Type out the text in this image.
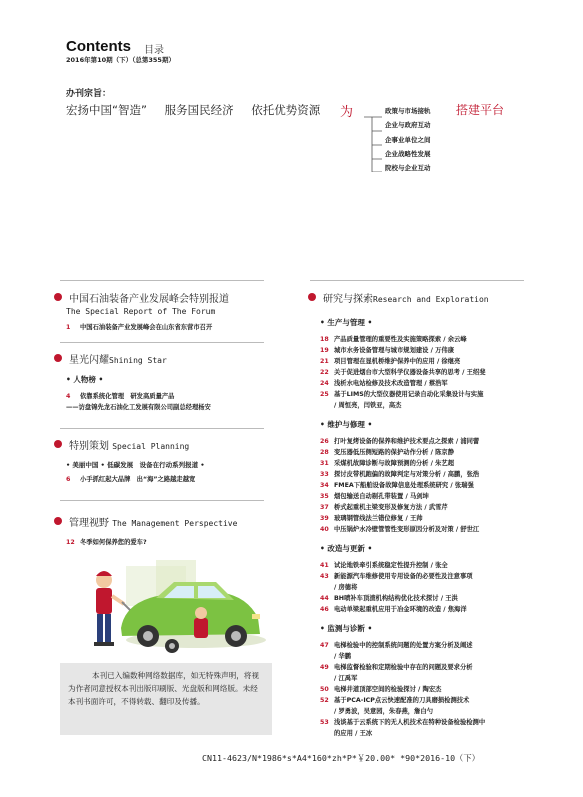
Contents 目录
2016年第10期（下）（总第355期）
办刊宗旨：
宏扬中国“智造” 服务国民经济 依托优势资源	为	政策与市场接轨
企业与政府互动
企事业单位之间
企业战略性发展
院校与企业互动
搭建平台
中国石油装备产业发展峰会特别报道
The Special Report of The Forum
1	中国石油装备产业发展峰会在山东省东营市召开
星光闪耀 Shining Star
• 人物榜 •
4	依靠系统化管理　研发高质量产品
——访盘锦先龙石油化工发展有限公司副总经理杨安
特别策划
Special Planning
• 美丽中国 • 低碳发展　设备在行动系列报道 •
6	小手抓红起大品牌　出“海”之路越走越宽
管理视野
The Management Perspective
12 冬季如何保养您的爱车?
研究与探索 Research and Exploration
• 生产与管理 •
18 产品质量管理的重要性及实施策略探索 / 余云峰
19 城市水务设备管理与城市规划建设 / 万伟康
21 项目管理在显机桥维护保养中的应用 / 徐继亮
22 关于促进烟台市大型科学仪器设备共享的思考 / 王绍斐
24 浅析水电站检修及技术改造管理 / 蔡浩军
25 基于LIMS的大型仪器使用记录自动化采集设计与实施
/ 周恒亮，闫铁亚，高杰
• 维护与修理 •
26 打叶复烤设备的保养和维护技术要点之探索 / 浦同蕾
28 变压器低压侧短路的保护动作分析 / 陈京静
31 采煤机故障诊断与故障预测的分析 / 朱艺超
33 探讨皮带机跑偏的故障判定与对策分析 / 高鹏，张浩
34 FMEA下船舶设备故障信息处理系统研究 / 张瑞强
35 烟包输送自动剔孔带装置 / 马剑坤
37 桥式起重机主梁变形及修复方法 / 武雪芹
39 玻璃钢管线法兰错位修复 / 王帅
40 中压锅炉水冷壁管管性变形原因分析及对策 / 舒世江
• 改造与更新 •
41 试论地铁牵引系统稳定性提升控制 / 张全
43 新能源汽车维修使用专用设备的必要性及注意事项
/ 房德将
44 BH喷补车顶渣机构结构优化技术探讨 / 王洪
46 电动单梁起重机应用于冶金环境的改造 / 焦海洋
• 监测与诊断 •
47 电梯检验中的控制系统问题的处置方案分析及阐述
/ 华鹏
49 电梯监督检验和定期检验中存在的问题及要求分析
/ 江禹军
50 电梯井道顶部空间的检验探讨 / 陶宏杰
52 基于PCA-ICP点云快速配准的刀具磨损检测技术
/ 罗勇波，吴意园，朱春燕，詹白勺
53 浅谈基于云系统下的无人机技术在特种设备检验检测中
的应用 / 王冰
本刊已入编数种网络数据库，如无特殊声明，将视为作者同意授权本刊出版印刷版、光盘版和网络版。未经本刊书面许可，不得转载、翻印及传播。
CN11-4623/N*1986*s*A4*160*zh*P*￥20.00* *90*2016-10（下）
